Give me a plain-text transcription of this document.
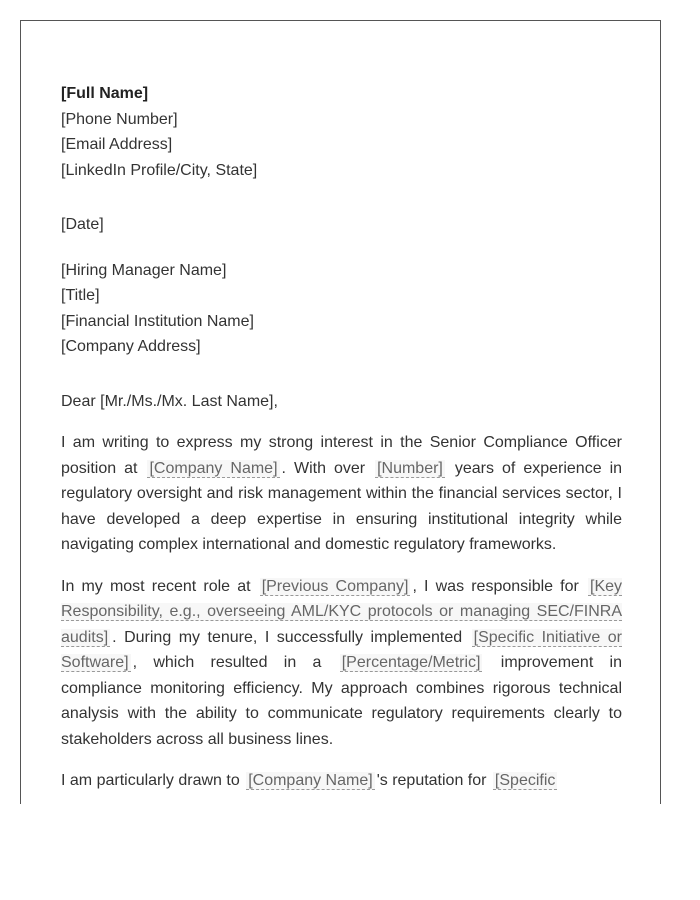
[Full Name]
[Phone Number]
[Email Address]
[LinkedIn Profile/City, State]
[Date]
[Hiring Manager Name]
[Title]
[Financial Institution Name]
[Company Address]
Dear [Mr./Ms./Mx. Last Name],

I am writing to express my strong interest in the Senior Compliance Officer position at [Company Name] . With over [Number] years of experience in regulatory oversight and risk management within the financial services sector, I have developed a deep expertise in ensuring institutional integrity while navigating complex international and domestic regulatory frameworks.

In my most recent role at [Previous Company] , I was responsible for [Key Responsibility, e.g., overseeing AML/KYC protocols or managing SEC/FINRA audits] . During my tenure, I successfully implemented [Specific Initiative or Software] , which resulted in a [Percentage/Metric] improvement in compliance monitoring efficiency. My approach combines rigorous technical analysis with the ability to communicate regulatory requirements clearly to stakeholders across all business lines.

I am particularly drawn to [Company Name] 's reputation for [Specific
